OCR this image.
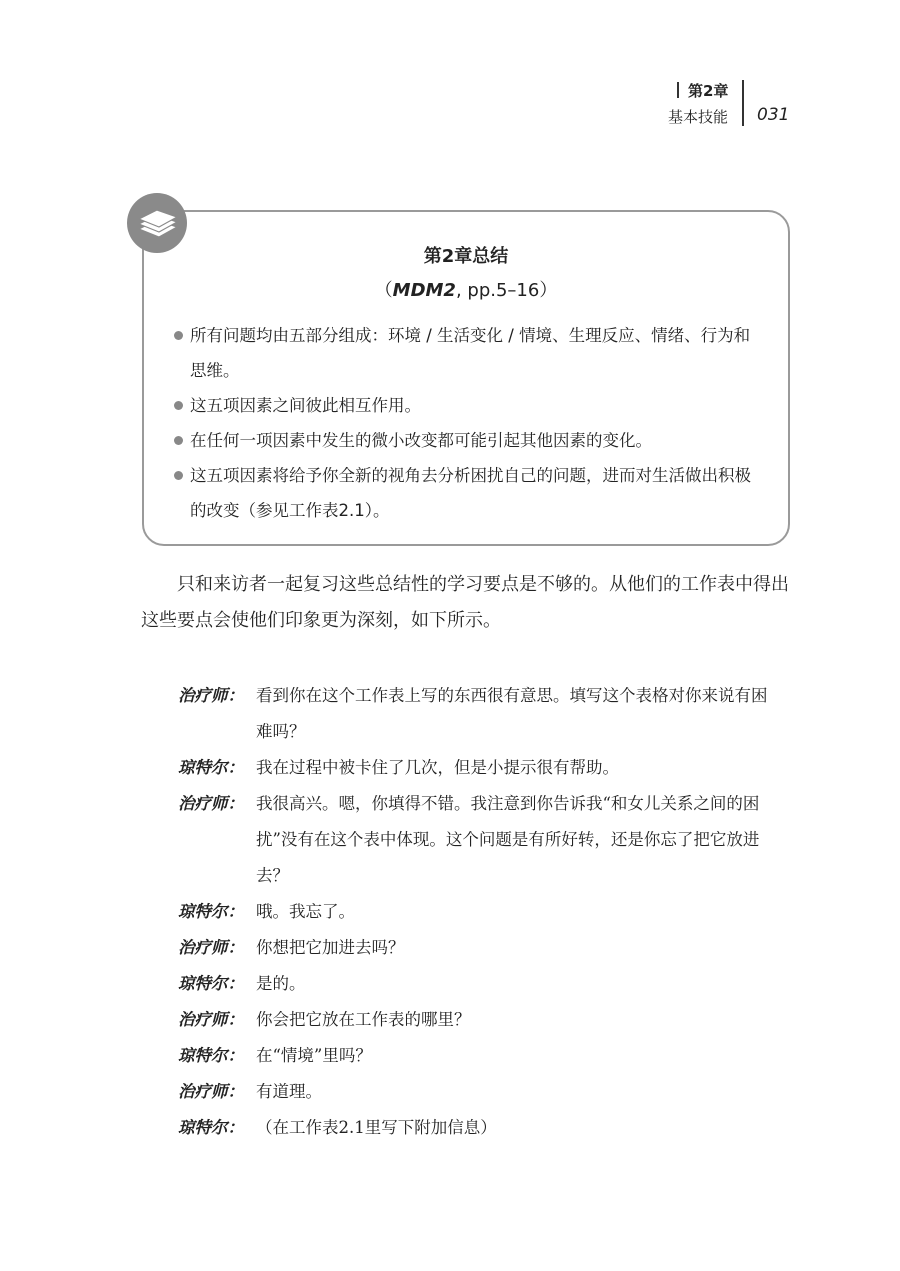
第2章
基本技能 031
第2章总结
（MDM2, pp.5–16）
所有问题均由五部分组成：环境 / 生活变化 / 情境、生理反应、情绪、行为和思维。
这五项因素之间彼此相互作用。
在任何一项因素中发生的微小改变都可能引起其他因素的变化。
这五项因素将给予你全新的视角去分析困扰自己的问题，进而对生活做出积极的改变（参见工作表2.1）。
只和来访者一起复习这些总结性的学习要点是不够的。从他们的工作表中得出这些要点会使他们印象更为深刻，如下所示。
治疗师： 看到你在这个工作表上写的东西很有意思。填写这个表格对你来说有困难吗？
琼特尔： 我在过程中被卡住了几次，但是小提示很有帮助。
治疗师： 我很高兴。嗯，你填得不错。我注意到你告诉我“和女儿关系之间的困扰”没有在这个表中体现。这个问题是有所好转，还是你忘了把它放进去？
琼特尔： 哦。我忘了。
治疗师： 你想把它加进去吗？
琼特尔： 是的。
治疗师： 你会把它放在工作表的哪里？
琼特尔： 在“情境”里吗？
治疗师： 有道理。
琼特尔： （在工作表2.1里写下附加信息）
